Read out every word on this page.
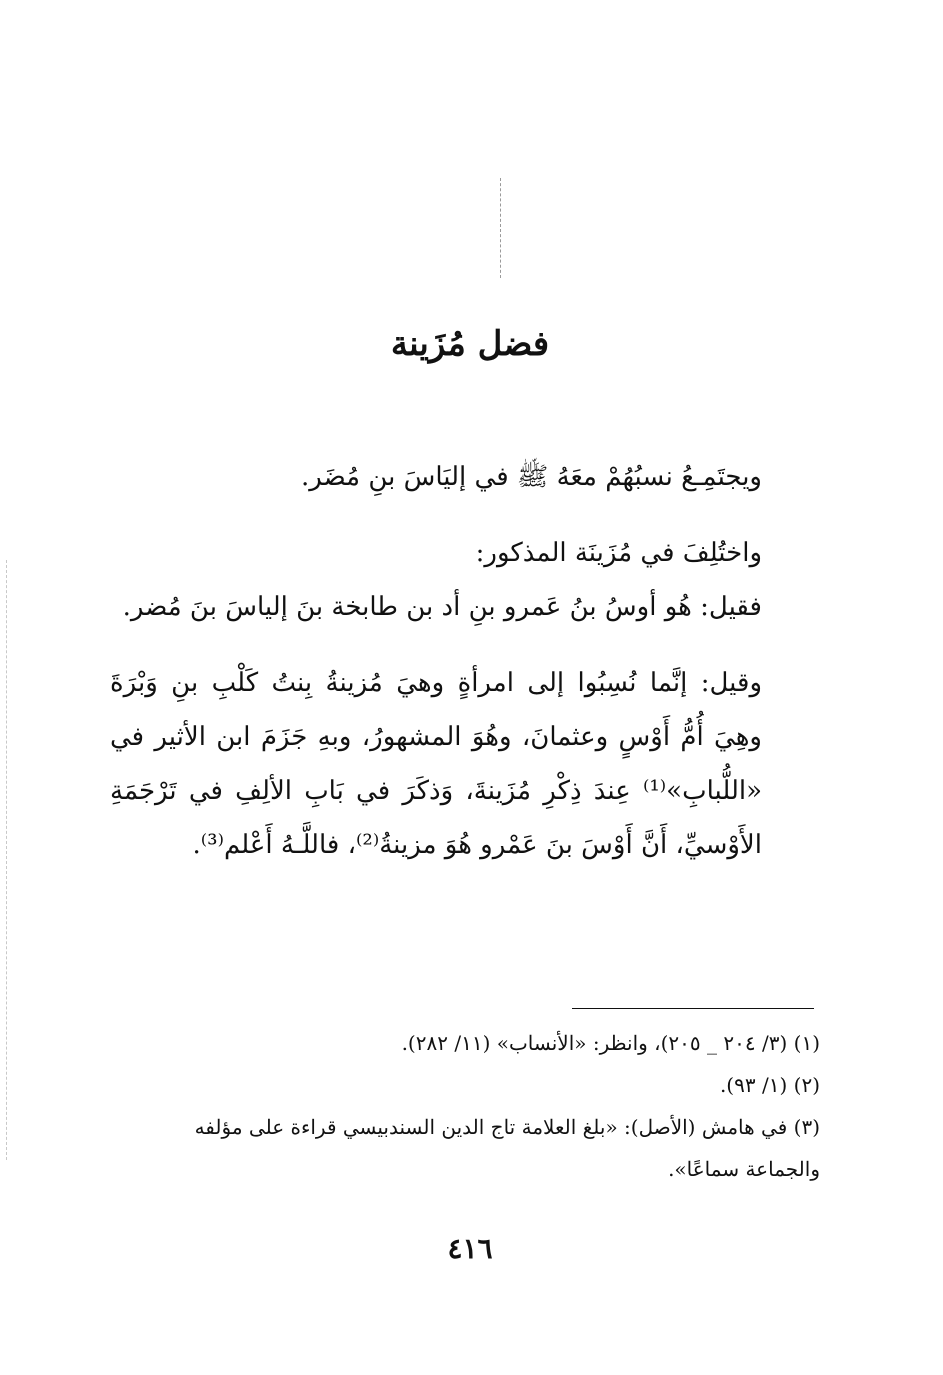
فضل مُزَينة

ويجتَمِـعُ نسبُهُمْ معَهُ ﷺ في إليَاسَ بنِ مُضَر.

واختُلِفَ في مُزَينَة المذكور:

فقيل: هُو أوسُ بنُ عَمرو بنِ أد بن طابخة بنَ إلياسَ بنَ مُضر.

وقيل: إنَّما نُسِبُوا إلى امرأةٍ وهيَ مُزينةُ بِنتُ كَلْبِ بنِ وَبْرَةَ وهِيَ أُمُّ أَوْسٍ وعثمانَ، وهُوَ المشهورُ، وبهِ جَزَمَ ابن الأثير في «اللُّبابِ»⁽¹⁾ عِندَ ذِكْرِ مُزَينةَ، وَذكَرَ في بَابِ الألِفِ في تَرْجَمَةِ الأَوْسيِّ، أَنَّ أَوْسَ بنَ عَمْرو هُوَ مزينةُ⁽²⁾، فاللَّـهُ أَعْلم⁽³⁾.

(١) (٣/ ٢٠٤ _ ٢٠٥)، وانظر: «الأنساب» (١١/ ٢٨٢).
(٢) (١/ ٩٣).
(٣) في هامش (الأصل): «بلغ العلامة تاج الدين السندبيسي قراءة على مؤلفه والجماعة سماعًا».
٤١٦
